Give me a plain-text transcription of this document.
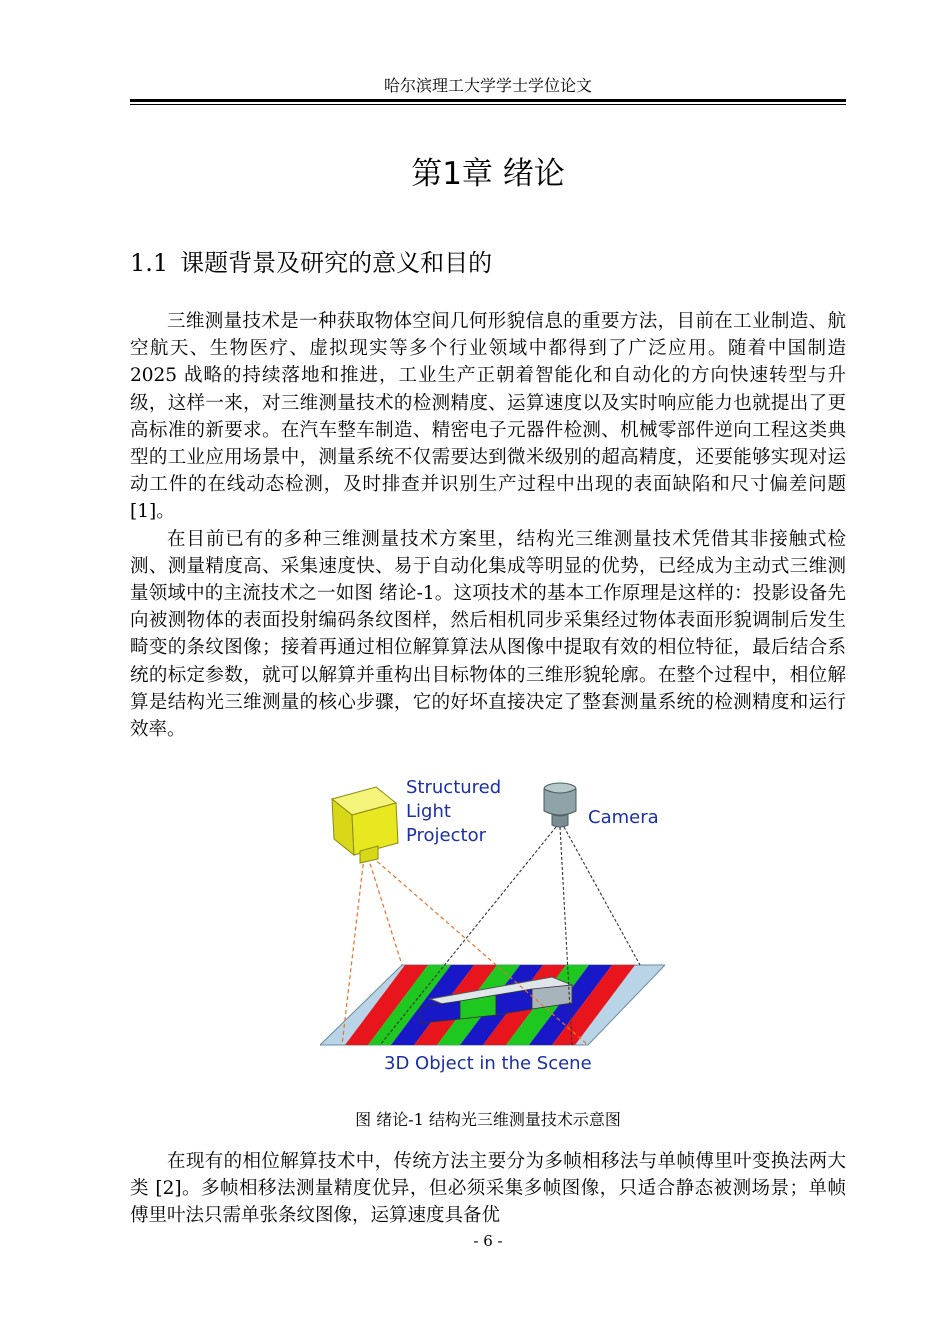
哈尔滨理工大学学士学位论文
第1章 绪论
1.1 课题背景及研究的意义和目的

三维测量技术是一种获取物体空间几何形貌信息的重要方法，目前在工业制造、航空航天、生物医疗、虚拟现实等多个行业领域中都得到了广泛应用。随着中国制造 2025 战略的持续落地和推进，工业生产正朝着智能化和自动化的方向快速转型与升级，这样一来，对三维测量技术的检测精度、运算速度以及实时响应能力也就提出了更高标准的新要求。在汽车整车制造、精密电子元器件检测、机械零部件逆向工程这类典型的工业应用场景中，测量系统不仅需要达到微米级别的超高精度，还要能够实现对运动工件的在线动态检测，及时排查并识别生产过程中出现的表面缺陷和尺寸偏差问题[1]。

在目前已有的多种三维测量技术方案里，结构光三维测量技术凭借其非接触式检测、测量精度高、采集速度快、易于自动化集成等明显的优势，已经成为主动式三维测量领域中的主流技术之一如图 绪论-1。这项技术的基本工作原理是这样的：投影设备先向被测物体的表面投射编码条纹图样，然后相机同步采集经过物体表面形貌调制后发生畸变的条纹图像；接着再通过相位解算算法从图像中提取有效的相位特征，最后结合系统的标定参数，就可以解算并重构出目标物体的三维形貌轮廓。在整个过程中，相位解算是结构光三维测量的核心步骤，它的好坏直接决定了整套测量系统的检测精度和运行效率。

Structured
Light
Projector
Camera
3D Object in the Scene
图 绪论-1 结构光三维测量技术示意图

在现有的相位解算技术中，传统方法主要分为多帧相移法与单帧傅里叶变换法两大类 [2]。多帧相移法测量精度优异，但必须采集多帧图像，只适合静态被测场景；单帧傅里叶法只需单张条纹图像，运算速度具备优

- 6 -
